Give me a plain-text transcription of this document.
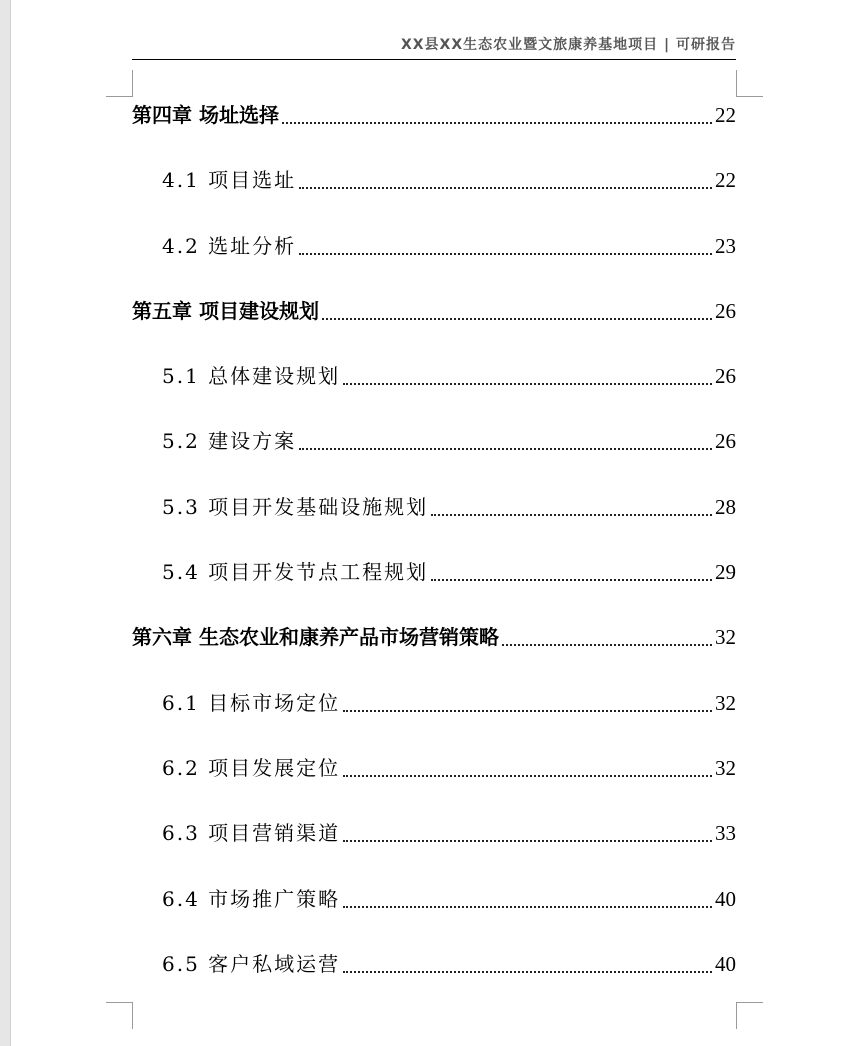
XX县XX生态农业暨文旅康养基地项目 | 可研报告
第四章 场址选择	22
4.1 项目选址	22
4.2 选址分析	23
第五章 项目建设规划	26
5.1 总体建设规划	26
5.2 建设方案	26
5.3 项目开发基础设施规划	28
5.4 项目开发节点工程规划	29
第六章 生态农业和康养产品市场营销策略	32
6.1 目标市场定位	32
6.2 项目发展定位	32
6.3 项目营销渠道	33
6.4 市场推广策略	40
6.5 客户私域运营	40
